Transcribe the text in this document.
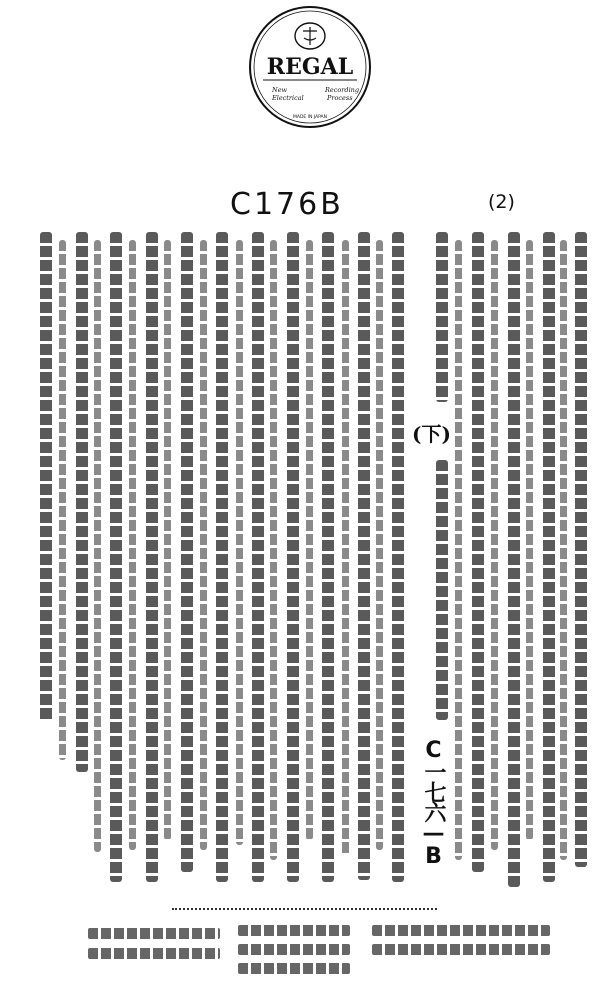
REGAL
New
Electrical
Recording
Process
MADE IN JAPAN
C176B	(2)
(下)
C一七六—B
